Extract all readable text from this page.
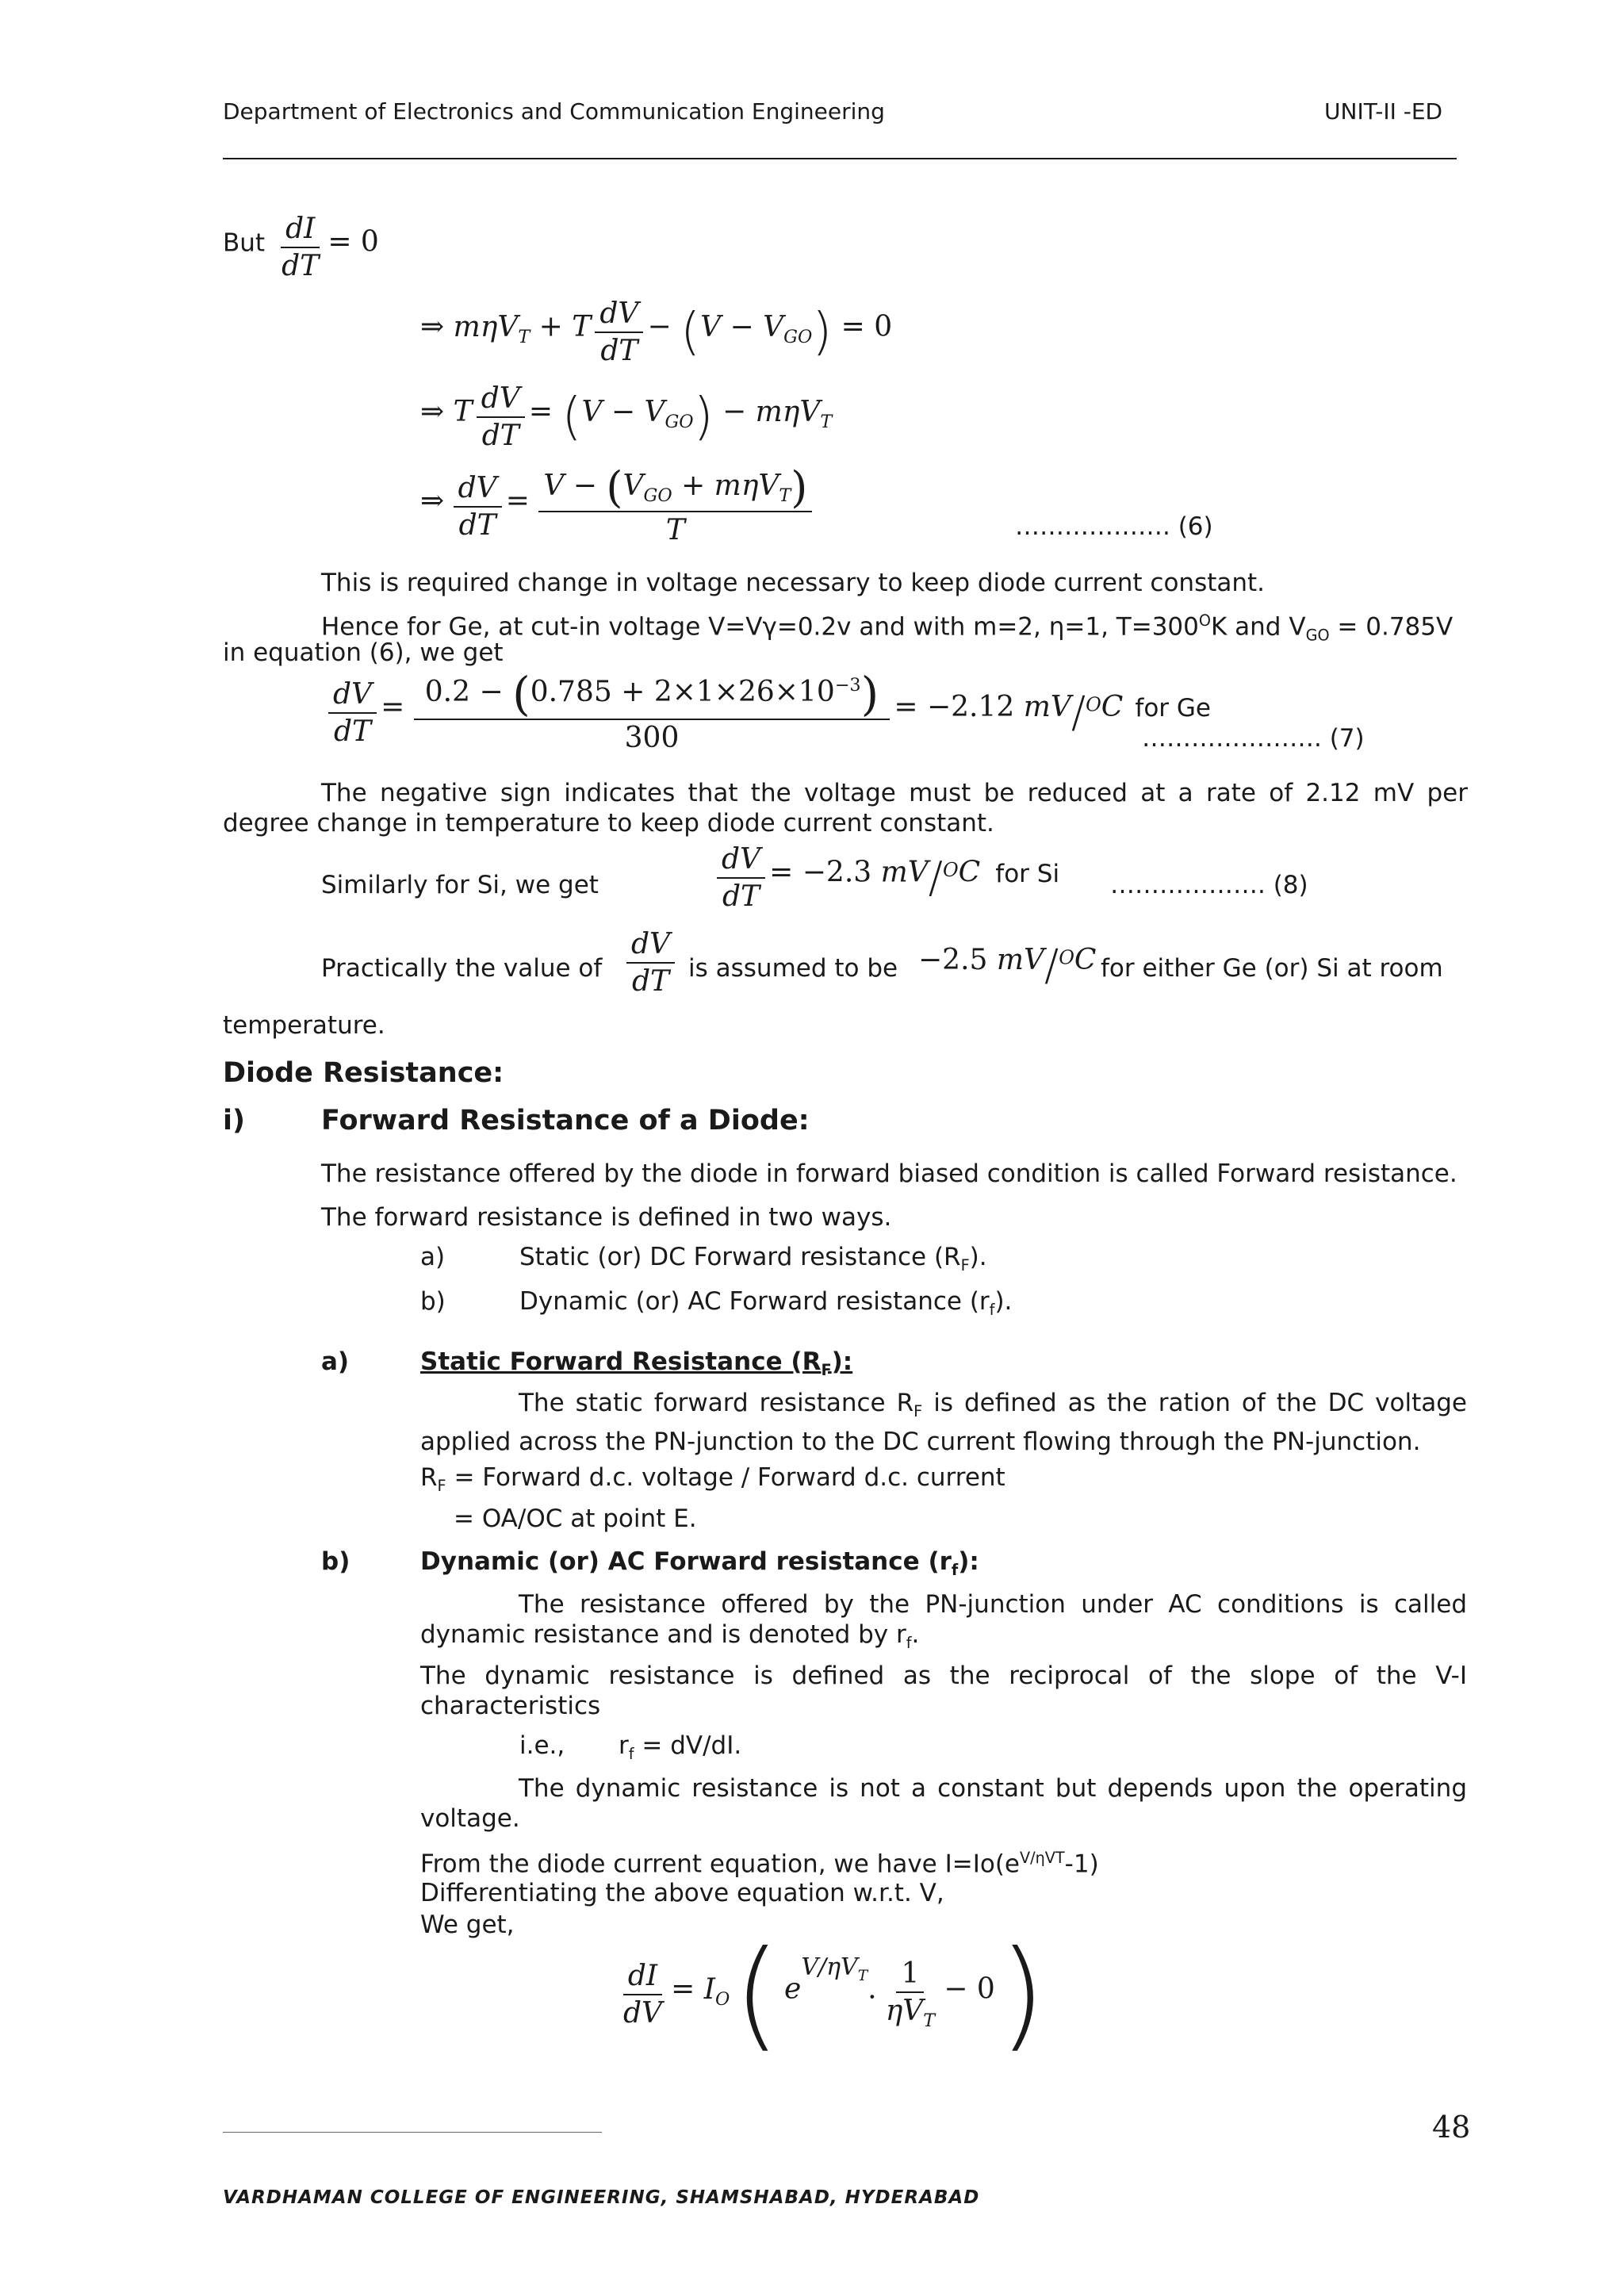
Department of Electronics and Communication Engineering	UNIT-II -ED
But $\frac{dI}{dT} = 0$
⇒ mηV$_T$ + T $\frac{dV}{dT} - (V - V_{GO}) = 0$
⇒ T $\frac{dV}{dT} = (V - V_{GO}) - m\eta V_T$
⇒ $\frac{dV}{dT} = \frac{V - (V_{GO} + m\eta V_T)}{T}$	………………. (6)
This is required change in voltage necessary to keep diode current constant.
Hence for Ge, at cut-in voltage V=Vγ=0.2v and with m=2, η=1, $T=300^OK$ and $V_{GO} = 0.785V$
in equation (6), we get
$\frac{dV}{dT} = \frac{0.2 - (0.785 + 2\times 1\times 26\times 10^{-3})}{300} = -2.12$ mV/$^O$C for Ge
…………………. (7)
The negative sign indicates that the voltage must be reduced at a rate of 2.12 mV per degree change in temperature to keep diode current constant.
Similarly for Si, we get	$\frac{dV}{dT} = -2.3$ mV/$^O$C for Si ………………. (8)
Practically the value of $\frac{dV}{dT}$ is assumed to be −2.5 mV/$^O$C for either Ge (or) Si at room
temperature.
Diode Resistance:
i)	Forward Resistance of a Diode:
The resistance offered by the diode in forward biased condition is called Forward resistance.
The forward resistance is defined in two ways.
a)	Static (or) DC Forward resistance $(R_F)$.
b)	Dynamic (or) AC Forward resistance $(r_f)$.
a)	Static Forward Resistance $(R_F)$:
The static forward resistance $R_F$ is defined as the ration of the DC voltage applied across the PN-junction to the DC current flowing through the PN-junction.
$R_F$ = Forward d.c. voltage / Forward d.c. current
= OA/OC at point E.
b)	Dynamic (or) AC Forward resistance $(r_f)$:
The resistance offered by the PN-junction under AC conditions is called dynamic resistance and is denoted by $r_f$.
The dynamic resistance is defined as the reciprocal of the slope of the V-I characteristics
i.e., $r_f = dV/dI$.
The dynamic resistance is not a constant but depends upon the operating voltage.
From the diode current equation, we have $I=Io(e^{V/\eta VT}-1)$
Differentiating the above equation w.r.t. V,
We get,
$\frac{dI}{dV} = I_O$ ( $e^{V/\eta V_T}$. $\frac{1}{\eta V_T} - 0$ )
48
VARDHAMAN COLLEGE OF ENGINEERING, SHAMSHABAD, HYDERABAD
